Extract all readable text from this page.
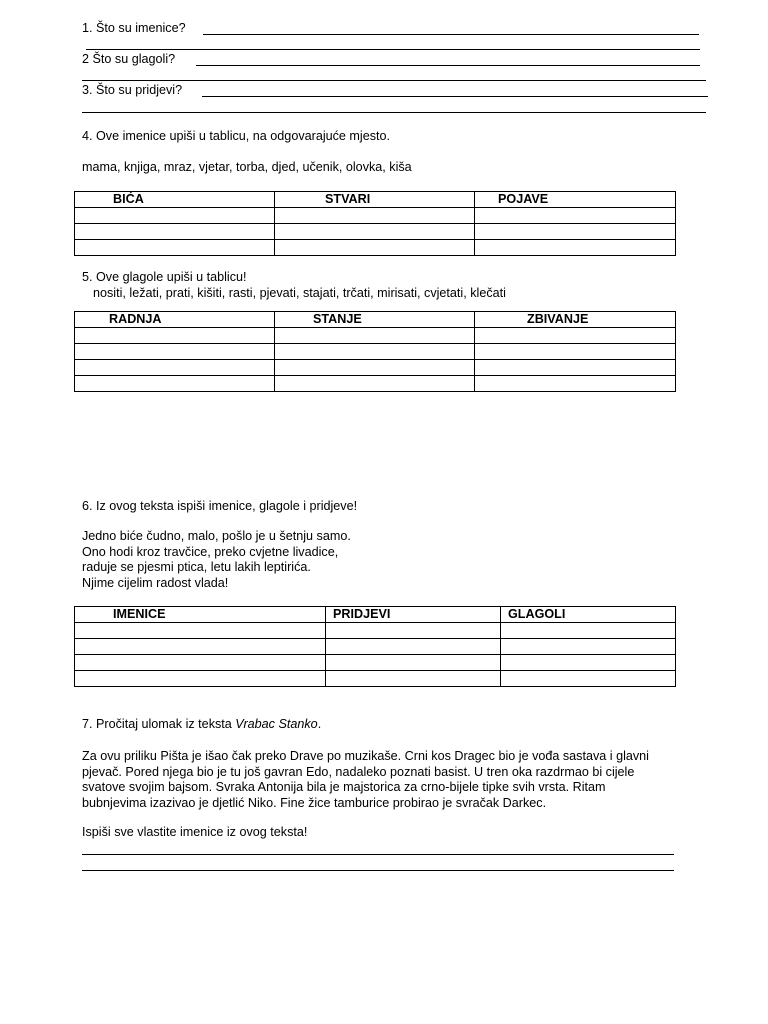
1. Što su imenice?
2 Što su glagoli?
3. Što su pridjevi?
4. Ove imenice upiši u tablicu, na odgovarajuće mjesto.
mama, knjiga, mraz, vjetar, torba, djed, učenik, olovka, kiša
BIĆA	STVARI	POJAVE

5. Ove glagole upiši u tablicu!
nositi, ležati, prati, kišiti, rasti, pjevati, stajati, trčati, mirisati, cvjetati, klečati
RADNJA	STANJE	ZBIVANJE

6. Iz ovog teksta ispiši imenice, glagole i pridjeve!
Jedno biće čudno, malo, pošlo je u šetnju samo.
Ono hodi kroz travčice, preko cvjetne livadice,
raduje se pjesmi ptica, letu lakih leptirića.
Njime cijelim radost vlada!
IMENICE	PRIDJEVI	GLAGOLI

7. Pročitaj ulomak iz teksta Vrabac Stanko.
Za ovu priliku Pišta je išao čak preko Drave po muzikaše. Crni kos Dragec bio je vođa sastava i glavni
pjevač. Pored njega bio je tu još gavran Edo, nadaleko poznati basist. U tren oka razdrmao bi cijele
svatove svojim bajsom. Svraka Antonija bila je majstorica za crno-bijele tipke svih vrsta. Ritam
bubnjevima izazivao je djetlić Niko. Fine žice tamburice probirao je svračak Darkec.
Ispiši sve vlastite imenice iz ovog teksta!
